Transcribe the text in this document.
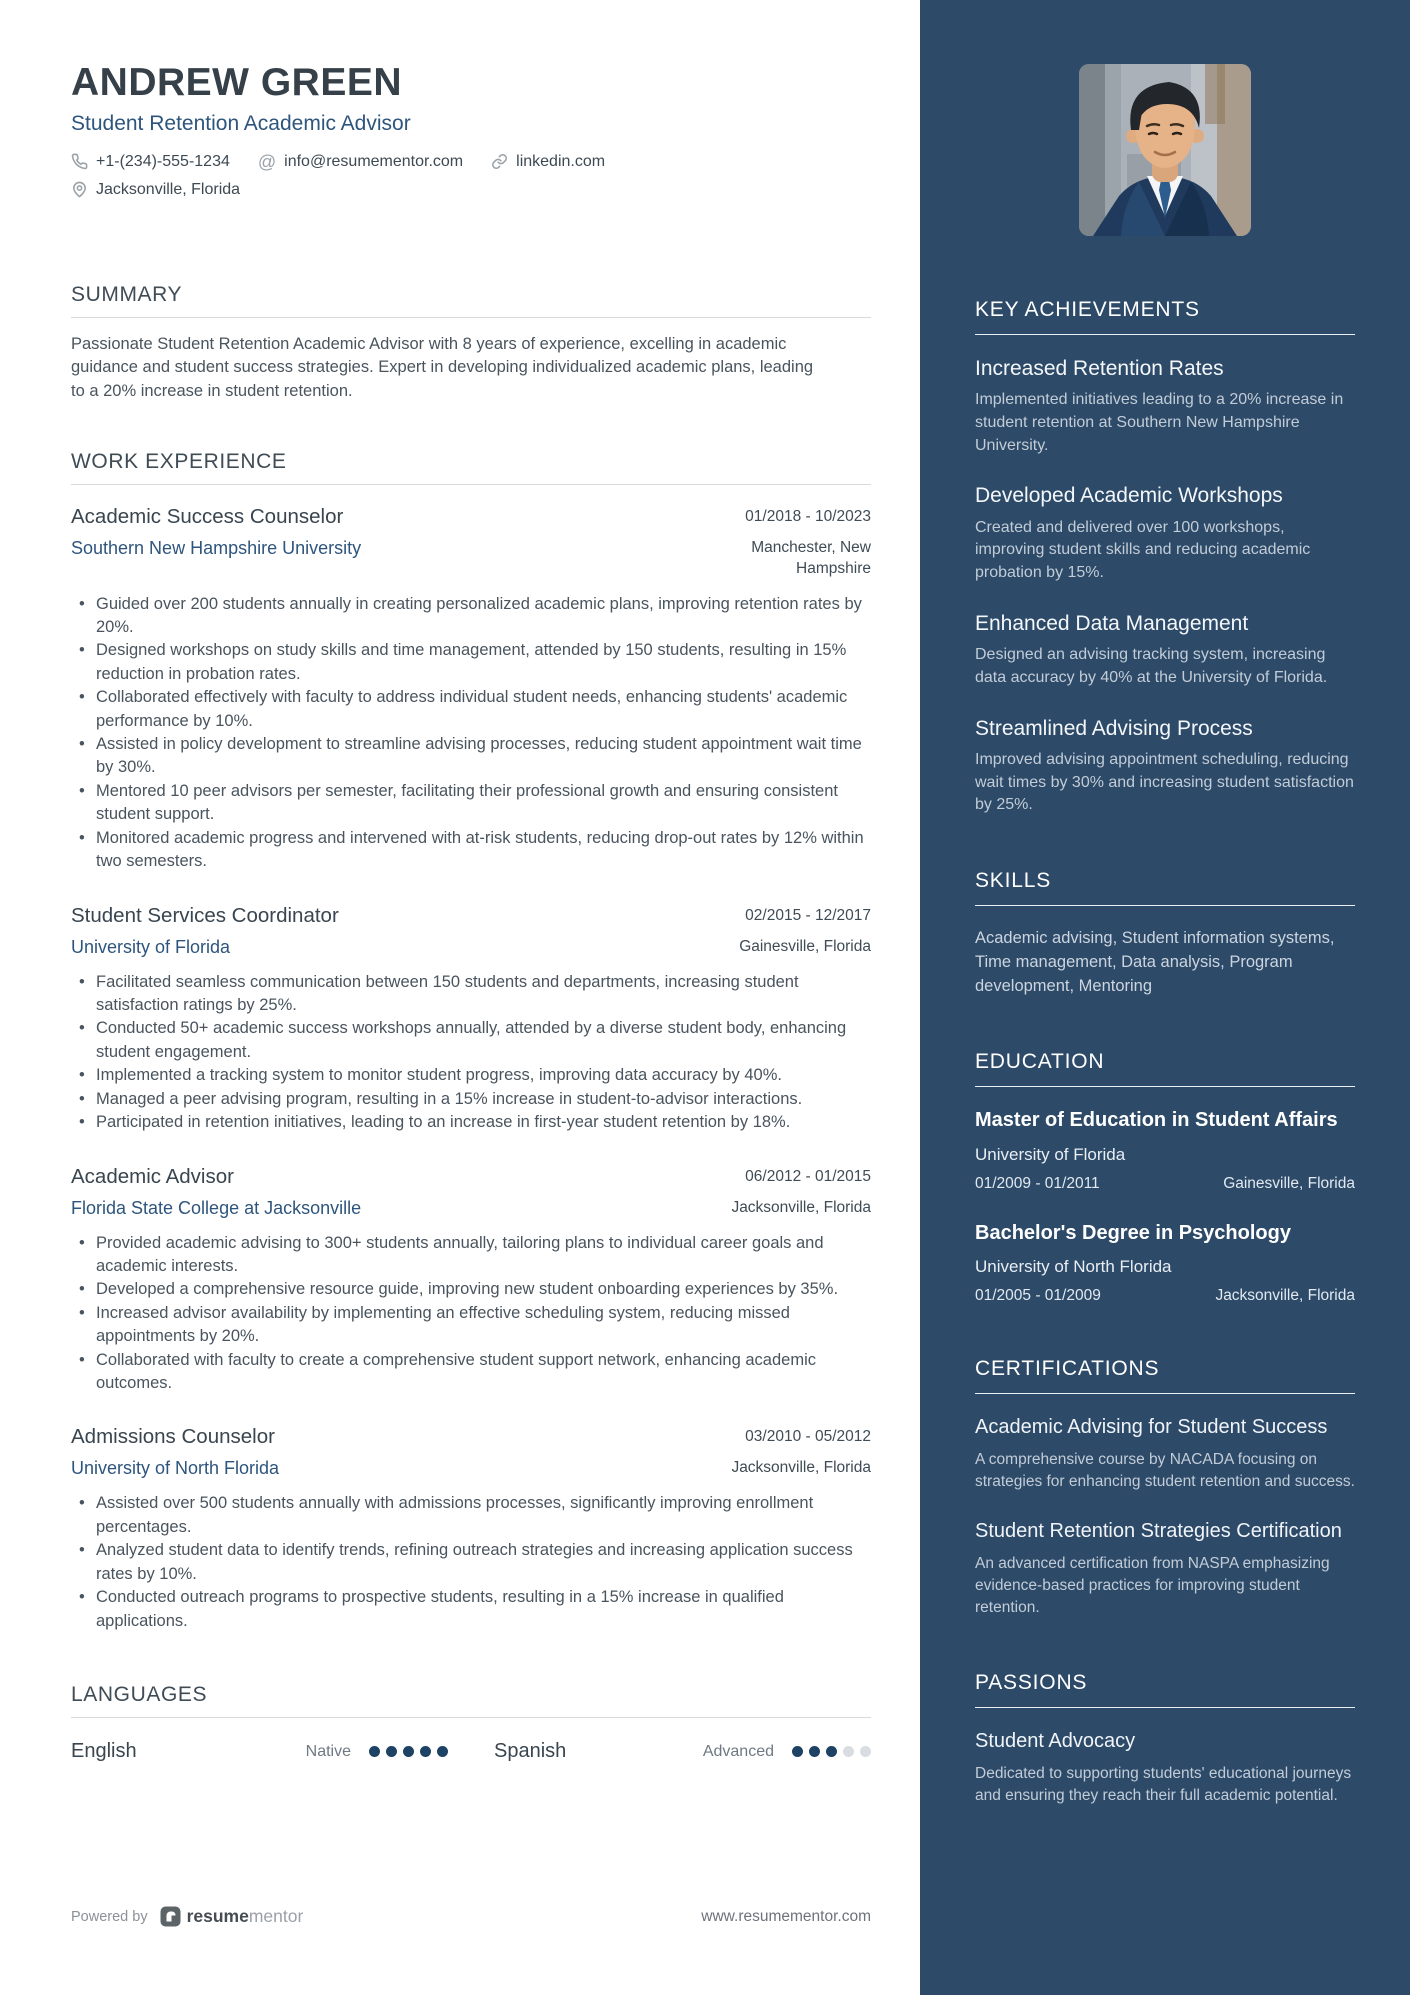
ANDREW GREEN
Student Retention Academic Advisor
+1-(234)-555-1234 @ info@resumementor.com	linkedin.com
Jacksonville, Florida
SUMMARY

Passionate Student Retention Academic Advisor with 8 years of experience, excelling in academic guidance and student success strategies. Expert in developing individualized academic plans, leading to a 20% increase in student retention.

WORK EXPERIENCE
Academic Success Counselor	01/2018 - 10/2023
Southern New Hampshire University	Manchester, New Hampshire
• Guided over 200 students annually in creating personalized academic plans, improving retention rates by 20%.
• Designed workshops on study skills and time management, attended by 150 students, resulting in 15% reduction in probation rates.
• Collaborated effectively with faculty to address individual student needs, enhancing students' academic performance by 10%.
• Assisted in policy development to streamline advising processes, reducing student appointment wait time by 30%.
• Mentored 10 peer advisors per semester, facilitating their professional growth and ensuring consistent student support.
• Monitored academic progress and intervened with at-risk students, reducing drop-out rates by 12% within two semesters.
Student Services Coordinator	02/2015 - 12/2017
University of Florida	Gainesville, Florida
• Facilitated seamless communication between 150 students and departments, increasing student satisfaction ratings by 25%.
• Conducted 50+ academic success workshops annually, attended by a diverse student body, enhancing student engagement.
• Implemented a tracking system to monitor student progress, improving data accuracy by 40%.
• Managed a peer advising program, resulting in a 15% increase in student-to-advisor interactions.
• Participated in retention initiatives, leading to an increase in first-year student retention by 18%.
Academic Advisor	06/2012 - 01/2015
Florida State College at Jacksonville	Jacksonville, Florida
• Provided academic advising to 300+ students annually, tailoring plans to individual career goals and academic interests.
• Developed a comprehensive resource guide, improving new student onboarding experiences by 35%.
• Increased advisor availability by implementing an effective scheduling system, reducing missed appointments by 20%.
• Collaborated with faculty to create a comprehensive student support network, enhancing academic outcomes.
Admissions Counselor	03/2010 - 05/2012
University of North Florida	Jacksonville, Florida
• Assisted over 500 students annually with admissions processes, significantly improving enrollment percentages.
• Analyzed student data to identify trends, refining outreach strategies and increasing application success rates by 10%.
• Conducted outreach programs to prospective students, resulting in a 15% increase in qualified applications.
LANGUAGES
English	Native	Spanish	Advanced
Powered by resumementor	www.resumementor.com
KEY ACHIEVEMENTS
Increased Retention Rates

Implemented initiatives leading to a 20% increase in student retention at Southern New Hampshire University.

Developed Academic Workshops

Created and delivered over 100 workshops, improving student skills and reducing academic probation by 15%.

Enhanced Data Management

Designed an advising tracking system, increasing data accuracy by 40% at the University of Florida.

Streamlined Advising Process

Improved advising appointment scheduling, reducing wait times by 30% and increasing student satisfaction by 25%.

SKILLS

Academic advising, Student information systems, Time management, Data analysis, Program development, Mentoring

EDUCATION
Master of Education in Student Affairs
University of Florida
01/2009 - 01/2011	Gainesville, Florida
Bachelor's Degree in Psychology
University of North Florida
01/2005 - 01/2009	Jacksonville, Florida
CERTIFICATIONS
Academic Advising for Student Success

A comprehensive course by NACADA focusing on strategies for enhancing student retention and success.

Student Retention Strategies Certification

An advanced certification from NASPA emphasizing evidence-based practices for improving student retention.

PASSIONS
Student Advocacy

Dedicated to supporting students' educational journeys and ensuring they reach their full academic potential.
